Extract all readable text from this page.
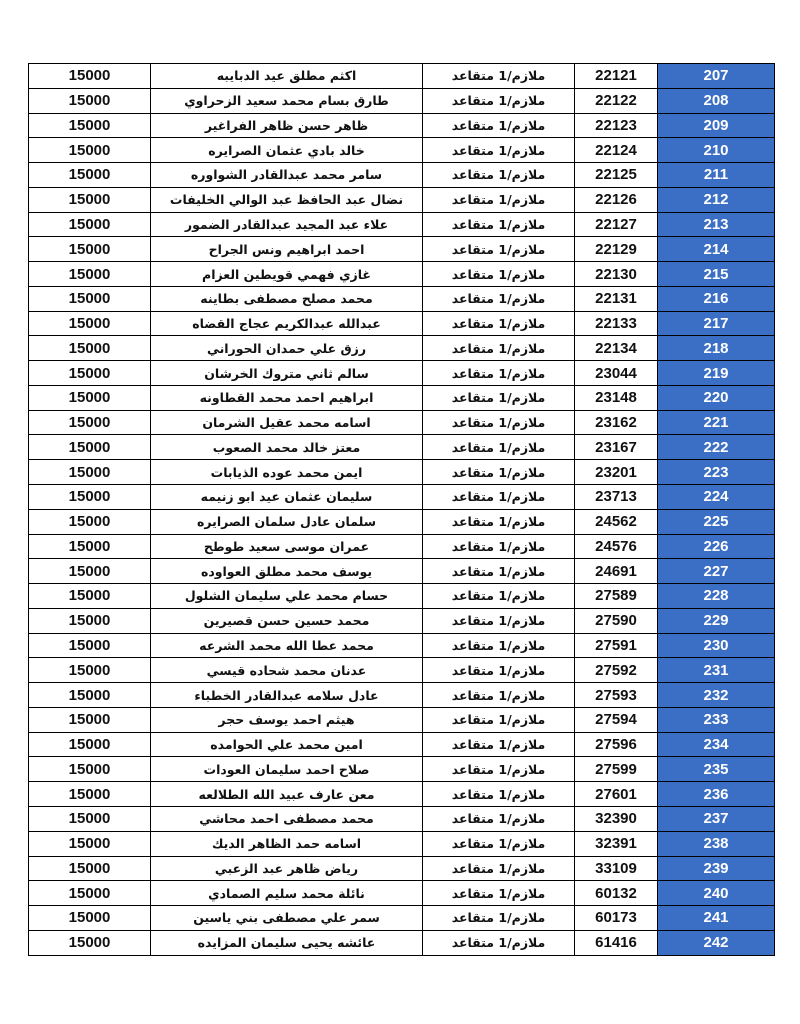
15000	اكثم مطلق عيد الدبايبه	ملازم/1 متقاعد	22121	207
15000	طارق بسام محمد سعيد الزحراوي	ملازم/1 متقاعد	22122	208
15000	ظاهر حسن ظاهر الفراغير	ملازم/1 متقاعد	22123	209
15000	خالد بادي عثمان الصرايره	ملازم/1 متقاعد	22124	210
15000	سامر محمد عبدالقادر الشواوره	ملازم/1 متقاعد	22125	211
15000	نضال عبد الحافظ عبد الوالي الخليفات	ملازم/1 متقاعد	22126	212
15000	علاء عبد المجيد عبدالقادر الضمور	ملازم/1 متقاعد	22127	213
15000	احمد ابراهيم ونس الجراح	ملازم/1 متقاعد	22129	214
15000	غازي فهمي قويطين العزام	ملازم/1 متقاعد	22130	215
15000	محمد مصلح مصطفى بطاينه	ملازم/1 متقاعد	22131	216
15000	عبدالله عبدالكريم عجاج القضاه	ملازم/1 متقاعد	22133	217
15000	رزق علي حمدان الحوراني	ملازم/1 متقاعد	22134	218
15000	سالم ثاني متروك الخرشان	ملازم/1 متقاعد	23044	219
15000	ابراهيم احمد محمد القطاونه	ملازم/1 متقاعد	23148	220
15000	اسامه محمد عقيل الشرمان	ملازم/1 متقاعد	23162	221
15000	معتز خالد محمد الصعوب	ملازم/1 متقاعد	23167	222
15000	ايمن محمد عوده الذيابات	ملازم/1 متقاعد	23201	223
15000	سليمان عثمان عيد ابو زنيمه	ملازم/1 متقاعد	23713	224
15000	سلمان عادل سلمان الصرايره	ملازم/1 متقاعد	24562	225
15000	عمران موسى سعيد طوطح	ملازم/1 متقاعد	24576	226
15000	يوسف محمد مطلق العواوده	ملازم/1 متقاعد	24691	227
15000	حسام محمد علي سليمان الشلول	ملازم/1 متقاعد	27589	228
15000	محمد حسين حسن قصيرين	ملازم/1 متقاعد	27590	229
15000	محمد عطا الله محمد الشرعه	ملازم/1 متقاعد	27591	230
15000	عدنان محمد شحاده قيسي	ملازم/1 متقاعد	27592	231
15000	عادل سلامه عبدالقادر الخطباء	ملازم/1 متقاعد	27593	232
15000	هيثم احمد يوسف حجر	ملازم/1 متقاعد	27594	233
15000	امين محمد علي الحوامده	ملازم/1 متقاعد	27596	234
15000	صلاح احمد سليمان العودات	ملازم/1 متقاعد	27599	235
15000	معن عارف عبيد الله الطلالعه	ملازم/1 متقاعد	27601	236
15000	محمد مصطفى احمد محاشي	ملازم/1 متقاعد	32390	237
15000	اسامه حمد الظاهر الديك	ملازم/1 متقاعد	32391	238
15000	رياض ظاهر عبد الزعبي	ملازم/1 متقاعد	33109	239
15000	نائلة محمد سليم الصمادي	ملازم/1 متقاعد	60132	240
15000	سمر علي مصطفى بني ياسين	ملازم/1 متقاعد	60173	241
15000	عائشه يحيى سليمان المزايده	ملازم/1 متقاعد	61416	242
